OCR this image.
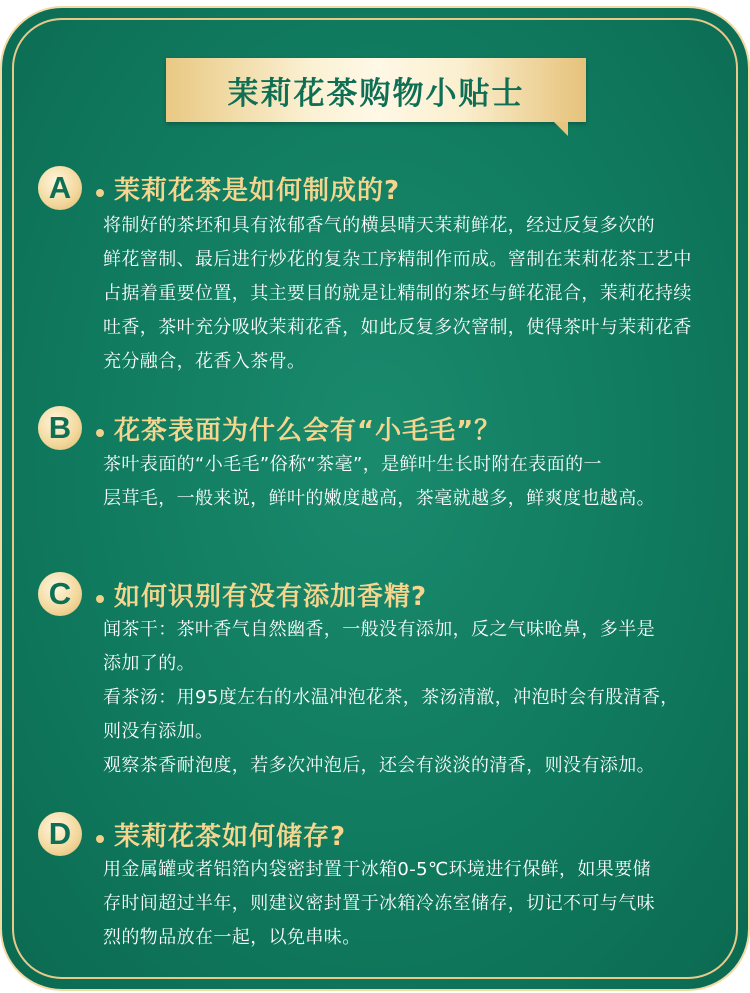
茉莉花茶购物小贴士
A	茉莉花茶是如何制成的?

将制好的茶坯和具有浓郁香气的横县晴天茉莉鲜花，经过反复多次的

鲜花窨制、最后进行炒花的复杂工序精制作而成。窨制在茉莉花茶工艺中

占据着重要位置，其主要目的就是让精制的茶坯与鲜花混合，茉莉花持续

吐香，茶叶充分吸收茉莉花香，如此反复多次窨制，使得茶叶与茉莉花香

充分融合，花香入茶骨。

B	花茶表面为什么会有“小毛毛”？

茶叶表面的“小毛毛”俗称“茶毫”，是鲜叶生长时附在表面的一

层茸毛，一般来说，鲜叶的嫩度越高，茶毫就越多，鲜爽度也越高。

C	如何识别有没有添加香精?

闻茶干：茶叶香气自然幽香，一般没有添加，反之气味呛鼻，多半是

添加了的。

看茶汤：用95度左右的水温冲泡花茶，茶汤清澈，冲泡时会有股清香，

则没有添加。

观察茶香耐泡度，若多次冲泡后，还会有淡淡的清香，则没有添加。

D	茉莉花茶如何储存?

用金属罐或者铝箔内袋密封置于冰箱0-5℃环境进行保鲜，如果要储

存时间超过半年，则建议密封置于冰箱冷冻室储存，切记不可与气味

烈的物品放在一起，以免串味。
